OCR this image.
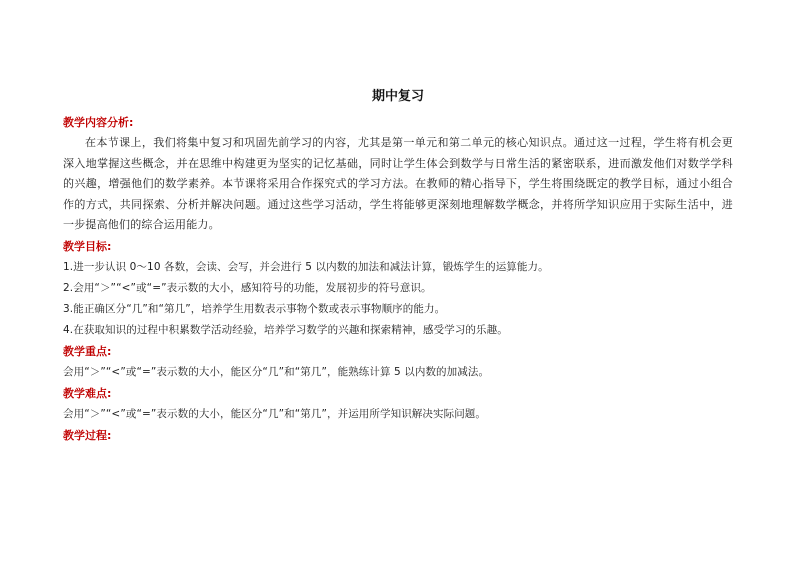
期中复习

教学内容分析:

在本节课上，我们将集中复习和巩固先前学习的内容，尤其是第一单元和第二单元的核心知识点。通过这一过程，学生将有机会更深入地掌握这些概念，并在思维中构建更为坚实的记忆基础，同时让学生体会到数学与日常生活的紧密联系，进而激发他们对数学学科的兴趣，增强他们的数学素养。本节课将采用合作探究式的学习方法。在教师的精心指导下，学生将围绕既定的教学目标，通过小组合作的方式，共同探索、分析并解决问题。通过这些学习活动，学生将能够更深刻地理解数学概念，并将所学知识应用于实际生活中，进一步提高他们的综合运用能力。

教学目标:

1.进一步认识 0～10 各数，会读、会写，并会进行 5 以内数的加法和减法计算，锻炼学生的运算能力。

2.会用“＞”“<”或“=”表示数的大小，感知符号的功能，发展初步的符号意识。

3.能正确区分“几”和“第几”，培养学生用数表示事物个数或表示事物顺序的能力。

4.在获取知识的过程中积累数学活动经验，培养学习数学的兴趣和探索精神，感受学习的乐趣。

教学重点:

会用“＞”“<”或“=”表示数的大小，能区分“几”和“第几”，能熟练计算 5 以内数的加减法。

教学难点:

会用“＞”“<”或“=”表示数的大小，能区分“几”和“第几”，并运用所学知识解决实际问题。

教学过程:
